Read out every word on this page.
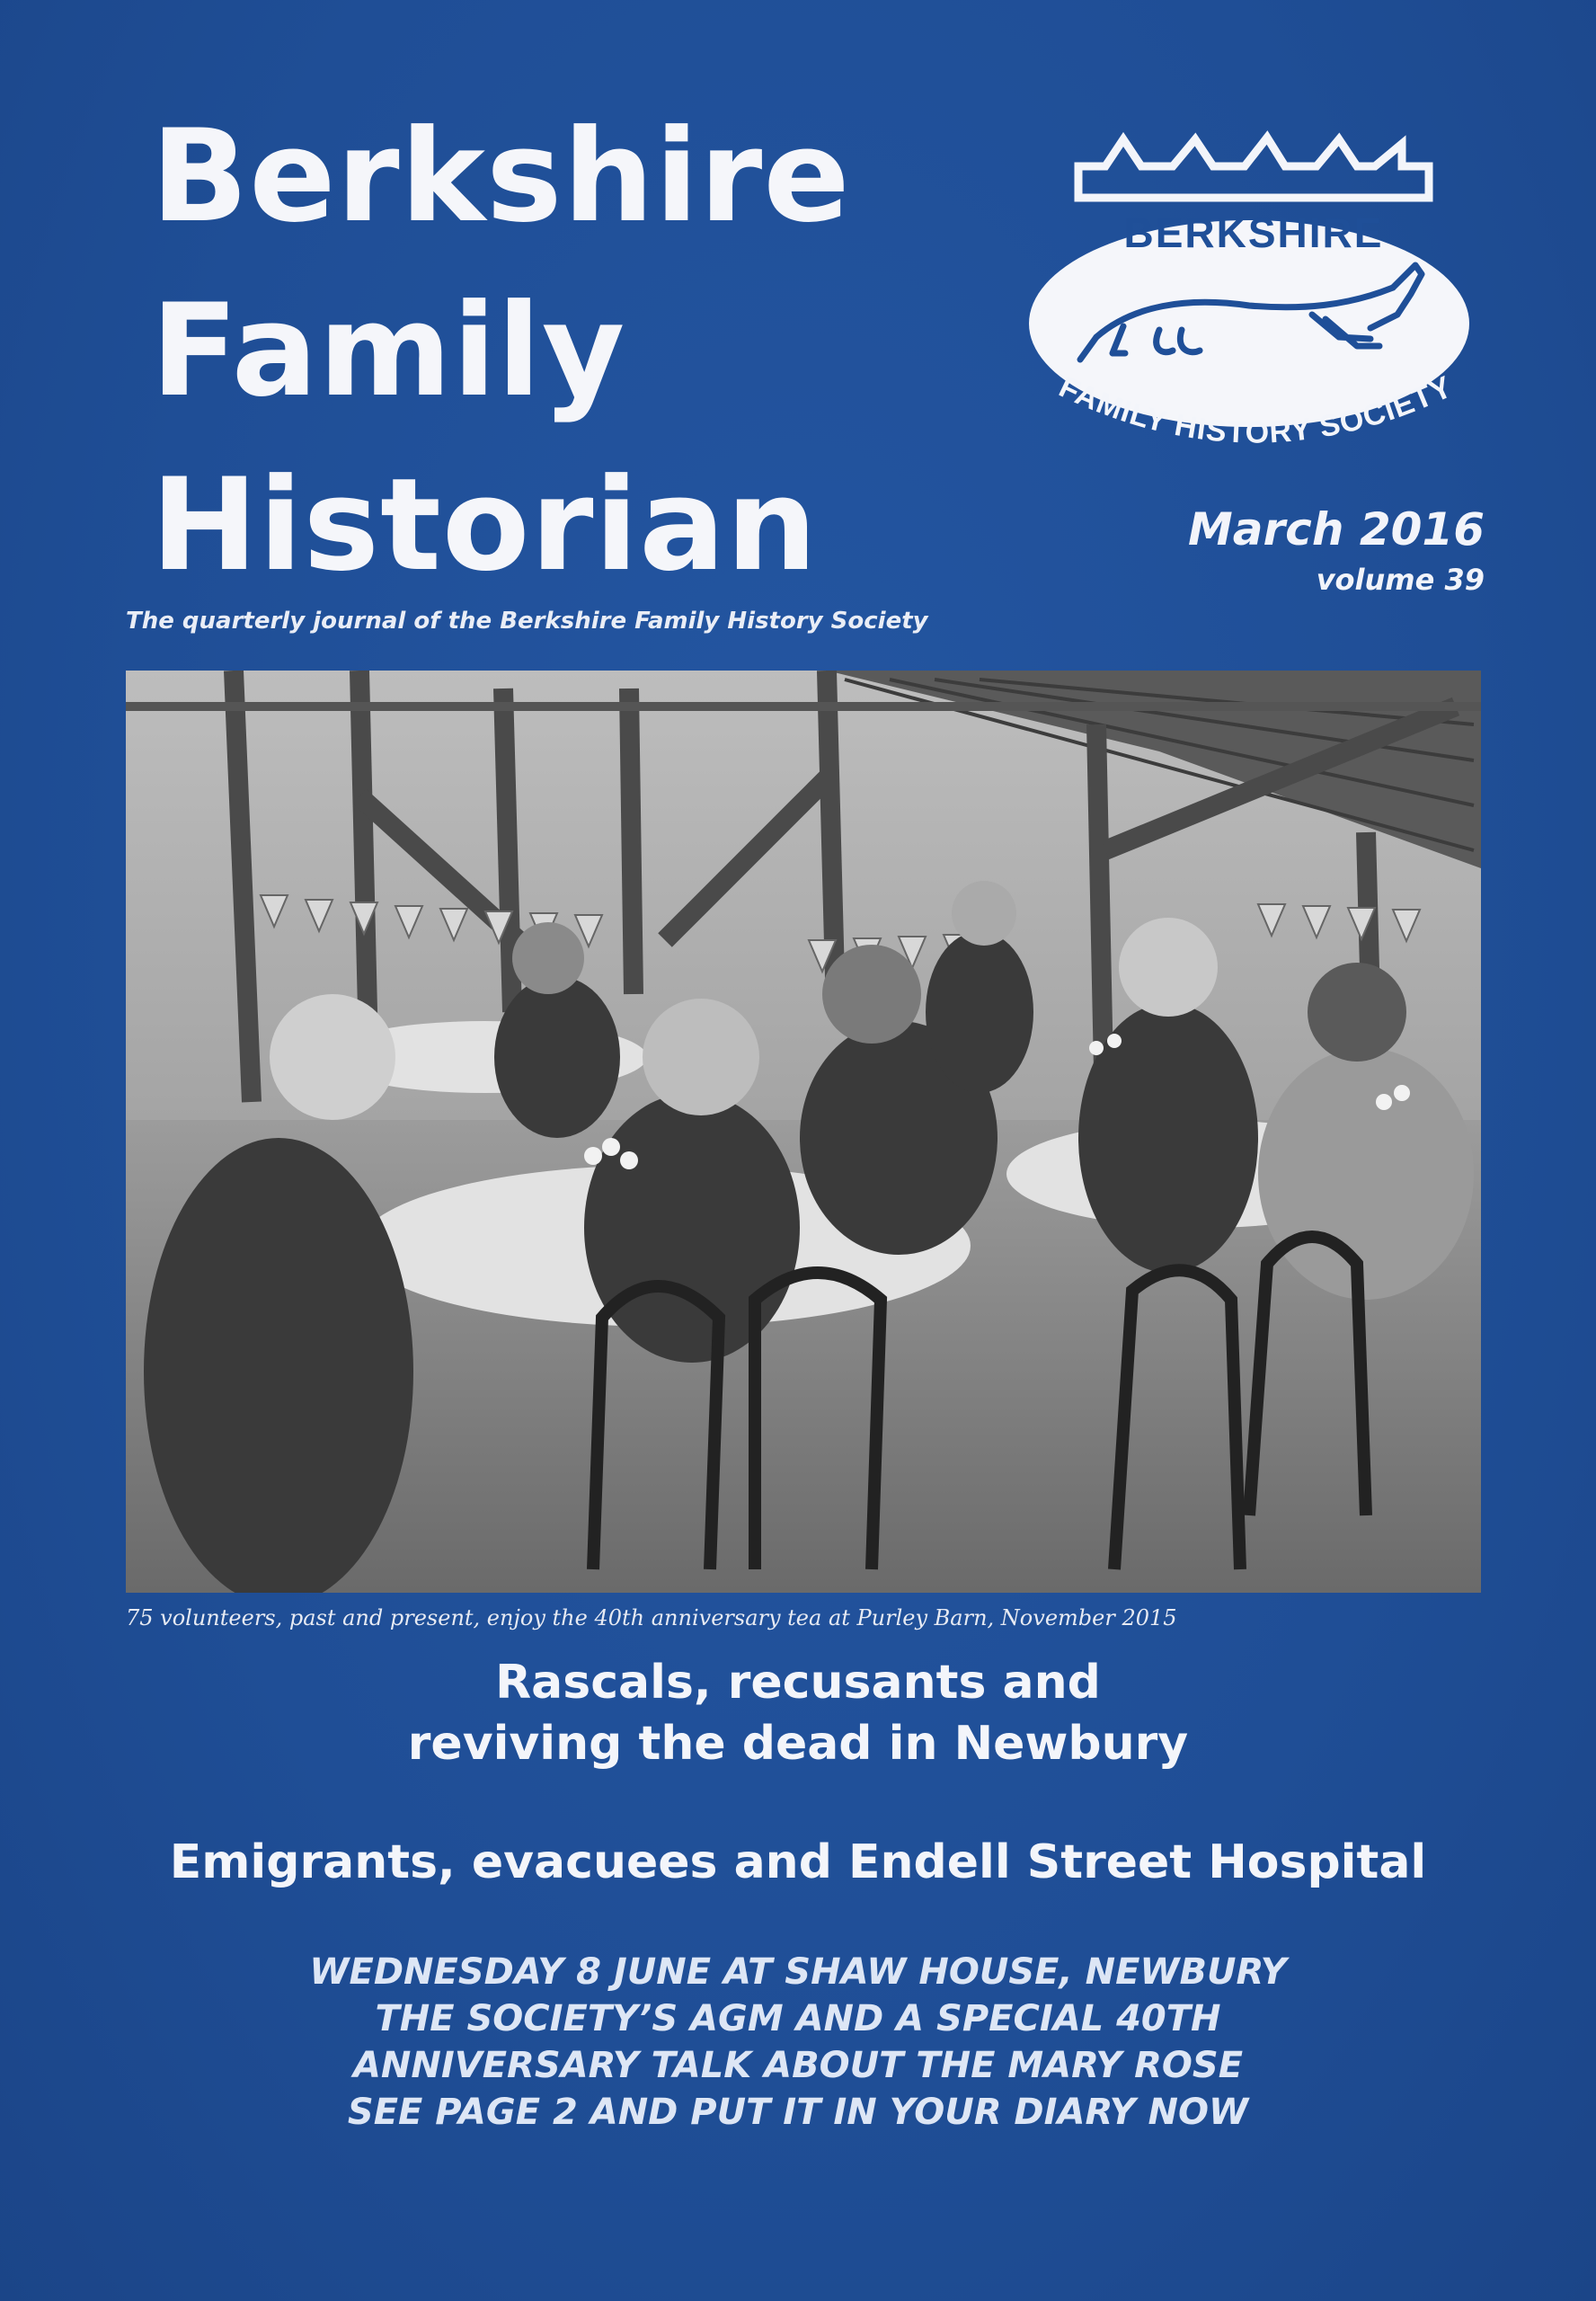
Berkshire
Family
Historian
BERKSHIRE
FAMILY HISTORY SOCIETY
March 2016
volume 39
The quarterly journal of the Berkshire Family History Society
75 volunteers, past and present, enjoy the 40th anniversary tea at Purley Barn, November 2015
Rascals, recusants and
reviving the dead in Newbury
Emigrants, evacuees and Endell Street Hospital
WEDNESDAY 8 JUNE AT SHAW HOUSE, NEWBURY
THE SOCIETY’S AGM AND A SPECIAL 40TH
ANNIVERSARY TALK ABOUT THE MARY ROSE
SEE PAGE 2 AND PUT IT IN YOUR DIARY NOW
